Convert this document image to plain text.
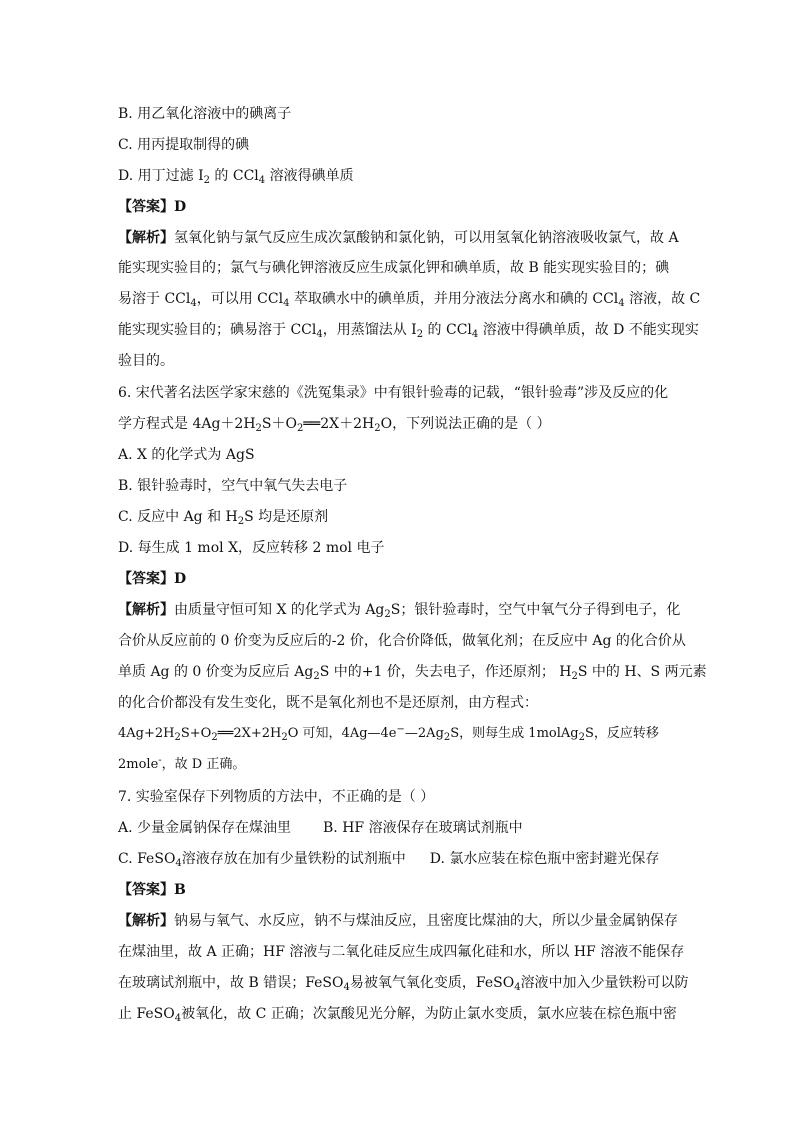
B. 用乙氧化溶液中的碘离子
C. 用丙提取制得的碘
D. 用丁过滤 $I_2$ 的 CCl$_4$ 溶液得碘单质
【答案】D
【解析】氢氧化钠与氯气反应生成次氯酸钠和氯化钠，可以用氢氧化钠溶液吸收氯气，故 A
能实现实验目的；氯气与碘化钾溶液反应生成氯化钾和碘单质，故 B 能实现实验目的；碘
易溶于 CCl$_4$，可以用 CCl$_4$ 萃取碘水中的碘单质，并用分液法分离水和碘的 CCl$_4$ 溶液，故 C
能实现实验目的；碘易溶于 CCl$_4$，用蒸馏法从 $I_2$ 的 CCl$_4$ 溶液中得碘单质，故 D 不能实现实
验目的。
6. 宋代著名法医学家宋慈的《洗冤集录》中有银针验毒的记载，“银针验毒”涉及反应的化
学方程式是 $4Ag+2H_2S+O_2══2X+2H_2O$，下列说法正确的是（ ）
A. X 的化学式为 AgS
B. 银针验毒时，空气中氧气失去电子
C. 反应中 Ag 和 $H_2S$ 均是还原剂
D. 每生成 1 mol X，反应转移 2 mol 电子
【答案】D
【解析】由质量守恒可知 X 的化学式为 $Ag_2S$；银针验毒时，空气中氧气分子得到电子，化
合价从反应前的 0 价变为反应后的-2 价，化合价降低，做氧化剂；在反应中 Ag 的化合价从
单质 Ag 的 0 价变为反应后 $Ag_2S$ 中的+1 价，失去电子，作还原剂； $H_2S$ 中的 H、S 两元素
的化合价都没有发生变化，既不是氧化剂也不是还原剂，由方程式：
$4Ag+2H_2S+O_2══2X+2H_2O$ 可知，$4Ag—4e^-—2Ag_2S$，则每生成 1molAg$_2$S，反应转移
2mole-，故 D 正确。
7. 实验室保存下列物质的方法中，不正确的是（ ）
A. 少量金属钠保存在煤油里 B. HF 溶液保存在玻璃试剂瓶中
C. FeSO$_4$溶液存放在加有少量铁粉的试剂瓶中 D. 氯水应装在棕色瓶中密封避光保存
【答案】B
【解析】钠易与氧气、水反应，钠不与煤油反应，且密度比煤油的大，所以少量金属钠保存
在煤油里，故 A 正确；HF 溶液与二氧化硅反应生成四氟化硅和水，所以 HF 溶液不能保存
在玻璃试剂瓶中，故 B 错误；FeSO$_4$易被氧气氧化变质，FeSO$_4$溶液中加入少量铁粉可以防
止 FeSO$_4$被氧化，故 C 正确；次氯酸见光分解，为防止氯水变质，氯水应装在棕色瓶中密
